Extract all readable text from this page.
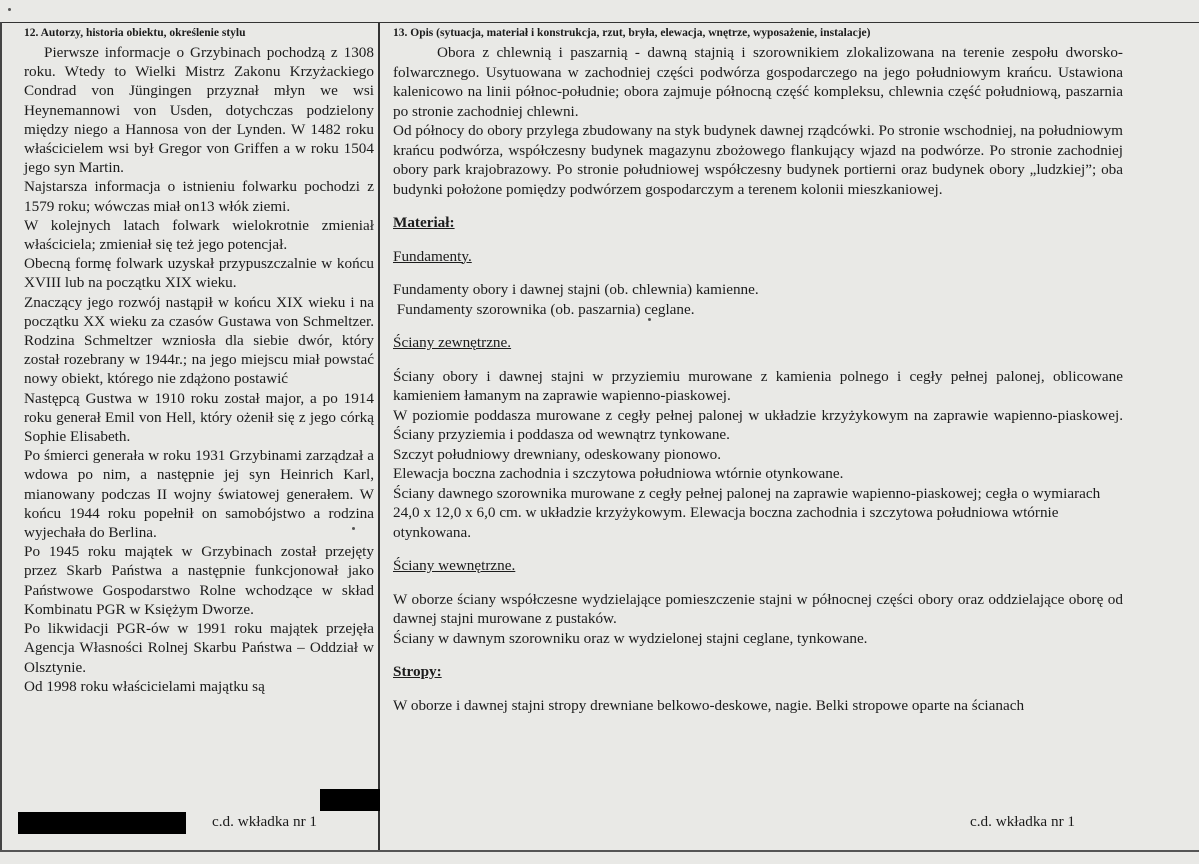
12. Autorzy, historia obiektu, określenie stylu

Pierwsze informacje o Grzybinach pochodzą z 1308 roku. Wtedy to Wielki Mistrz Zakonu Krzyżackiego Condrad von Jüngingen przyznał młyn we wsi Heynemannowi von Usden, dotychczas podzielony między niego a Hannosa von der Lynden. W 1482 roku właścicielem wsi był Gregor von Griffen a w roku 1504 jego syn Martin.

Najstarsza informacja o istnieniu folwarku pochodzi z 1579 roku; wówczas miał on13 włók ziemi.

W kolejnych latach folwark wielokrotnie zmieniał właściciela; zmieniał się też jego potencjał.

Obecną formę folwark uzyskał przypuszczalnie w końcu XVIII lub na początku XIX wieku.

Znaczący jego rozwój nastąpił w końcu XIX wieku i na początku XX wieku za czasów Gustawa von Schmeltzer. Rodzina Schmeltzer wzniosła dla siebie dwór, który został rozebrany w 1944r.; na jego miejscu miał powstać nowy obiekt, którego nie zdążono postawić

Następcą Gustwa w 1910 roku został major, a po 1914 roku generał Emil von Hell, który ożenił się z jego córką Sophie Elisabeth.

Po śmierci generała w roku 1931 Grzybinami zarządzał a wdowa po nim, a następnie jej syn Heinrich Karl, mianowany podczas II wojny światowej generałem. W końcu 1944 roku popełnił on samobójstwo a rodzina wyjechała do Berlina.

Po 1945 roku majątek w Grzybinach został przejęty przez Skarb Państwa a następnie funkcjonował jako Państwowe Gospodarstwo Rolne wchodzące w skład Kombinatu PGR w Księżym Dworze.

Po likwidacji PGR-ów w 1991 roku majątek przejęła Agencja Własności Rolnej Skarbu Państwa – Oddział w Olsztynie.

Od 1998 roku właścicielami majątku są

c.d. wkładka nr 1
13. Opis (sytuacja, materiał i konstrukcja, rzut, bryła, elewacja, wnętrze, wyposażenie, instalacje)

Obora z chlewnią i paszarnią - dawną stajnią i szorownikiem zlokalizowana na terenie zespołu dworsko-folwarcznego. Usytuowana w zachodniej części podwórza gospodarczego na jego południowym krańcu. Ustawiona kalenicowo na linii północ-południe; obora zajmuje północną część kompleksu, chlewnia część południową, paszarnia po stronie zachodniej chlewni.

Od północy do obory przylega zbudowany na styk budynek dawnej rządcówki. Po stronie wschodniej, na południowym krańcu podwórza, współczesny budynek magazynu zbożowego flankujący wjazd na podwórze. Po stronie zachodniej obory park krajobrazowy. Po stronie południowej współczesny budynek portierni oraz budynek obory „ludzkiej”; oba budynki położone pomiędzy podwórzem gospodarczym a terenem kolonii mieszkaniowej.

Materiał:
Fundamenty.

Fundamenty obory i dawnej stajni (ob. chlewnia) kamienne.

Fundamenty szorownika (ob. paszarnia) ceglane.

Ściany zewnętrzne.

Ściany obory i dawnej stajni w przyziemiu murowane z kamienia polnego i cegły pełnej palonej, oblicowane kamieniem łamanym na zaprawie wapienno-piaskowej.

W poziomie poddasza murowane z cegły pełnej palonej w układzie krzyżykowym na zaprawie wapienno-piaskowej. Ściany przyziemia i poddasza od wewnątrz tynkowane.

Szczyt południowy drewniany, odeskowany pionowo.

Elewacja boczna zachodnia i szczytowa południowa wtórnie otynkowane.

Ściany dawnego szorownika murowane z cegły pełnej palonej na zaprawie wapienno-piaskowej; cegła o wymiarach 24,0 x 12,0 x 6,0 cm. w układzie krzyżykowym. Elewacja boczna zachodnia i szczytowa południowa wtórnie otynkowana.

Ściany wewnętrzne.

W oborze ściany współczesne wydzielające pomieszczenie stajni w północnej części obory oraz oddzielające oborę od dawnej stajni murowane z pustaków.

Ściany w dawnym szorowniku oraz w wydzielonej stajni ceglane, tynkowane.

Stropy:

W oborze i dawnej stajni stropy drewniane belkowo-deskowe, nagie. Belki stropowe oparte na ścianach

c.d. wkładka nr 1
